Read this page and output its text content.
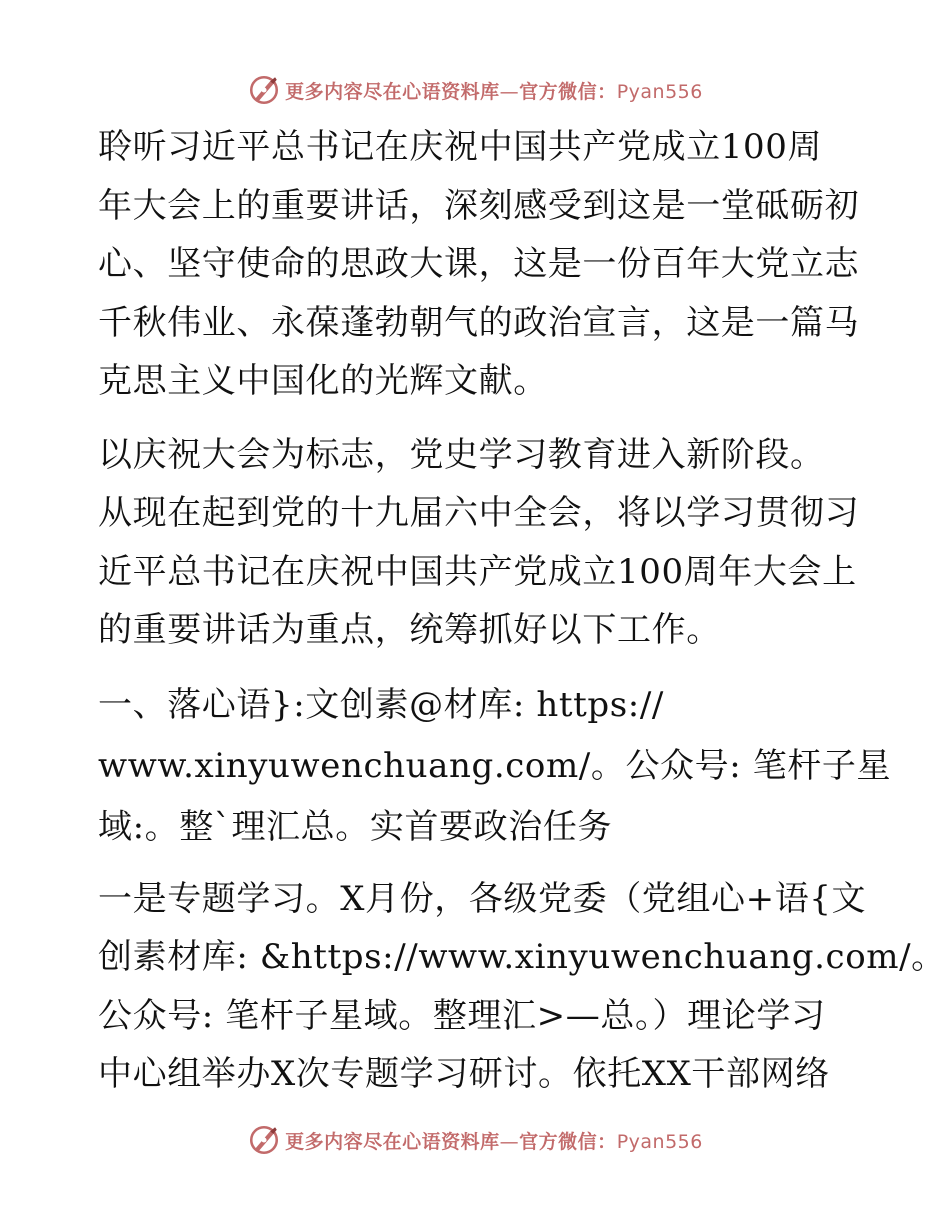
更多内容尽在心语资料库—官方微信：Pyan556

聆听习近平总书记在庆祝中国共产党成立100周
年大会上的重要讲话，深刻感受到这是一堂砥砺初
心、坚守使命的思政大课，这是一份百年大党立志
千秋伟业、永葆蓬勃朝气的政治宣言，这是一篇马
克思主义中国化的光辉文献。

以庆祝大会为标志，党史学习教育进入新阶段。
从现在起到党的十九届六中全会，将以学习贯彻习
近平总书记在庆祝中国共产党成立100周年大会上
的重要讲话为重点，统筹抓好以下工作。

一、落心语}:文创素@材库: https://
www.xinyuwenchuang.com/。公众号: 笔杆子星
域:。整`理汇总。实首要政治任务

一是专题学习。X月份，各级党委（党组心+语{文
创素材库: &https://www.xinyuwenchuang.com/。
公众号: 笔杆子星域。整理汇>—总。）理论学习
中心组举办X次专题学习研讨。依托XX干部网络

更多内容尽在心语资料库—官方微信：Pyan556
